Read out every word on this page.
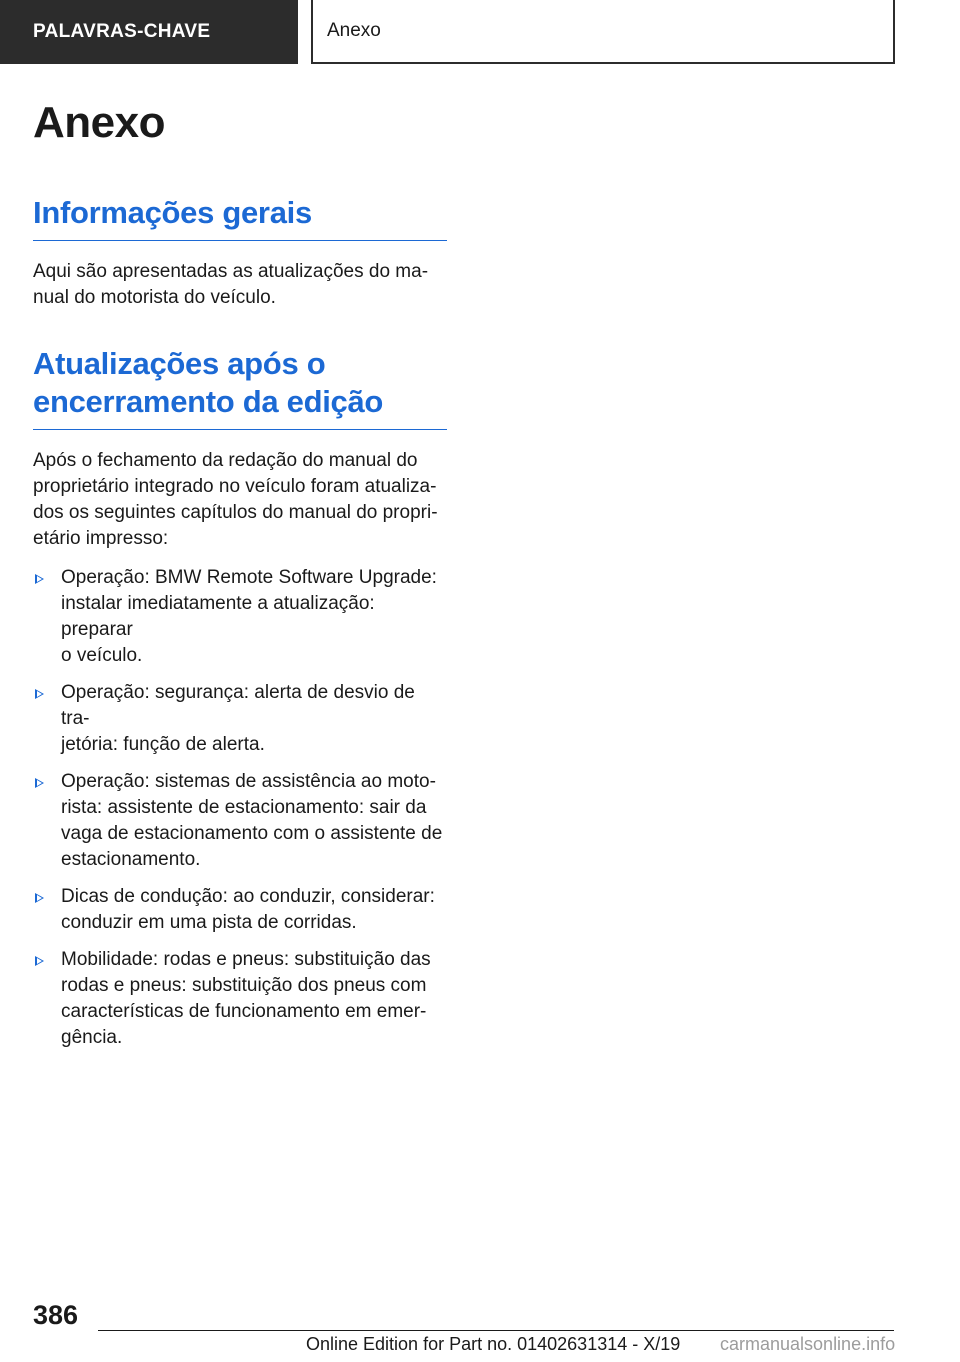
PALAVRAS-CHAVE	Anexo
Anexo
Informações gerais

Aqui são apresentadas as atualizações do ma-
nual do motorista do veículo.

Atualizações após o
encerramento da edição

Após o fechamento da redação do manual do
proprietário integrado no veículo foram atualiza-
dos os seguintes capítulos do manual do propri-
etário impresso:

Operação: BMW Remote Software Upgrade:
instalar imediatamente a atualização: preparar
o veículo.
Operação: segurança: alerta de desvio de tra-
jetória: função de alerta.
Operação: sistemas de assistência ao moto-
rista: assistente de estacionamento: sair da
vaga de estacionamento com o assistente de
estacionamento.
Dicas de condução: ao conduzir, considerar:
conduzir em uma pista de corridas.
Mobilidade: rodas e pneus: substituição das
rodas e pneus: substituição dos pneus com
características de funcionamento em emer-
gência.
386
Online Edition for Part no. 01402631314 - X/19 carmanualsonline.info
